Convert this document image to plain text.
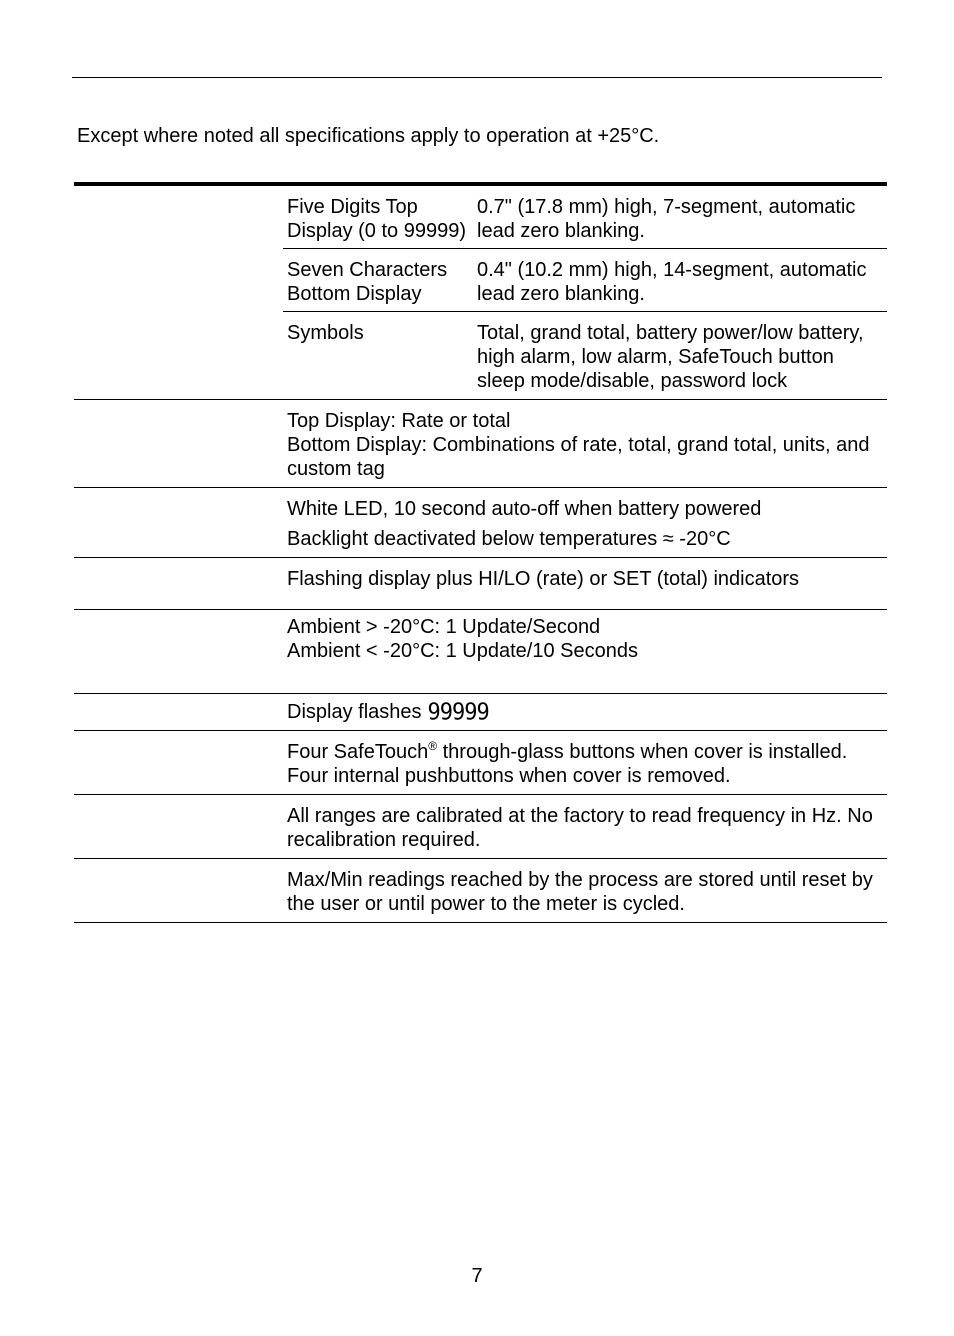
Except where noted all specifications apply to operation at +25°C.
Five Digits Top Display (0 to 99999)0.7" (17.8 mm) high, 7-segment, automatic lead zero blanking.
Seven Characters Bottom Display0.4" (10.2 mm) high, 14-segment, automatic lead zero blanking.
Symbols	Total, grand total, battery power/low battery, high alarm, low alarm, SafeTouch button sleep mode/disable, password lock
Top Display: Rate or total
Bottom Display: Combinations of rate, total, grand total, units, and custom tag
White LED, 10 second auto-off when battery powered
Backlight deactivated below temperatures ≈ -20°C
Flashing display plus HI/LO (rate) or SET (total) indicators
Ambient > -20°C: 1 Update/Second
Ambient < -20°C: 1 Update/10 Seconds
Display flashes 99999
Four SafeTouch® through-glass buttons when cover is installed. Four internal pushbuttons when cover is removed.
All ranges are calibrated at the factory to read frequency in Hz. No recalibration required.
Max/Min readings reached by the process are stored until reset by the user or until power to the meter is cycled.
7
